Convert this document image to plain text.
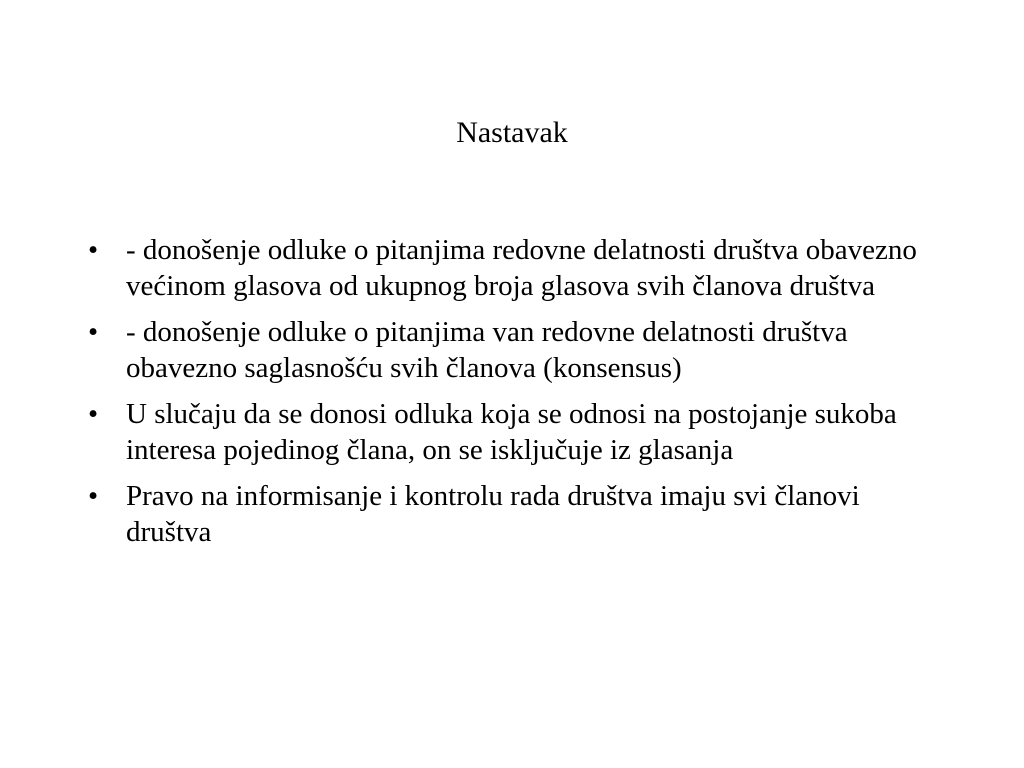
Nastavak
• - donošenje odluke o pitanjima redovne delatnosti društva obavezno većinom glasova od ukupnog broja glasova svih članova društva
• - donošenje odluke o pitanjima van redovne delatnosti društva obavezno saglasnošću svih članova (konsensus)
• U slučaju da se donosi odluka koja se odnosi na postojanje sukoba interesa pojedinog člana, on se isključuje iz glasanja
• Pravo na informisanje i kontrolu rada društva imaju svi članovi društva
